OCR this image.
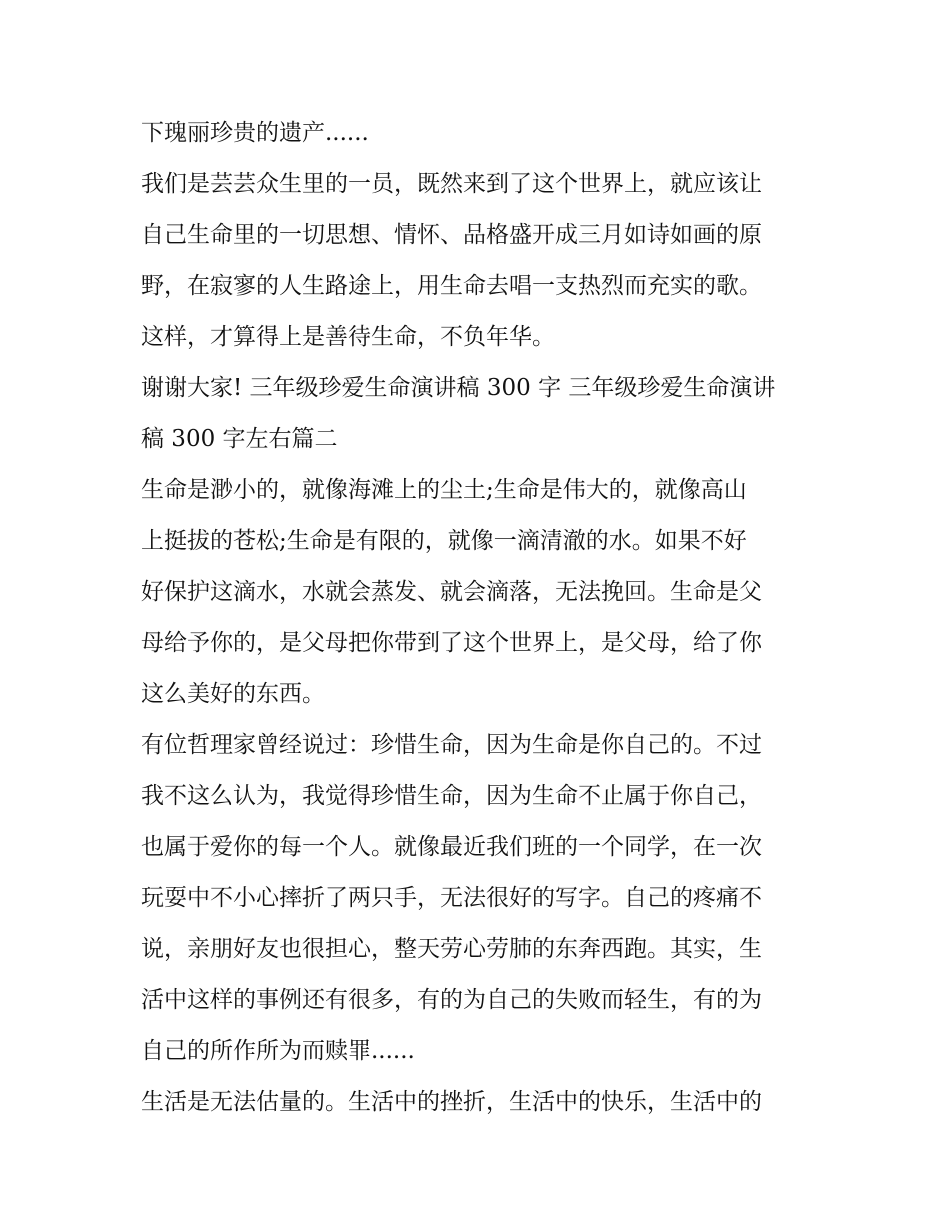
下瑰丽珍贵的遗产......

我们是芸芸众生里的一员，既然来到了这个世界上，就应该让
自己生命里的一切思想、情怀、品格盛开成三月如诗如画的原
野，在寂寥的人生路途上，用生命去唱一支热烈而充实的歌。
这样，才算得上是善待生命，不负年华。

谢谢大家! 三年级珍爱生命演讲稿 300 字 三年级珍爱生命演讲
稿 300 字左右篇二

生命是渺小的，就像海滩上的尘土;生命是伟大的，就像高山
上挺拔的苍松;生命是有限的，就像一滴清澈的水。如果不好
好保护这滴水，水就会蒸发、就会滴落，无法挽回。生命是父
母给予你的，是父母把你带到了这个世界上，是父母，给了你
这么美好的东西。

有位哲理家曾经说过：珍惜生命，因为生命是你自己的。不过
我不这么认为，我觉得珍惜生命，因为生命不止属于你自己，
也属于爱你的每一个人。就像最近我们班的一个同学，在一次
玩耍中不小心摔折了两只手，无法很好的写字。自己的疼痛不
说，亲朋好友也很担心，整天劳心劳肺的东奔西跑。其实，生
活中这样的事例还有很多，有的为自己的失败而轻生，有的为
自己的所作所为而赎罪......

生活是无法估量的。生活中的挫折，生活中的快乐，生活中的
